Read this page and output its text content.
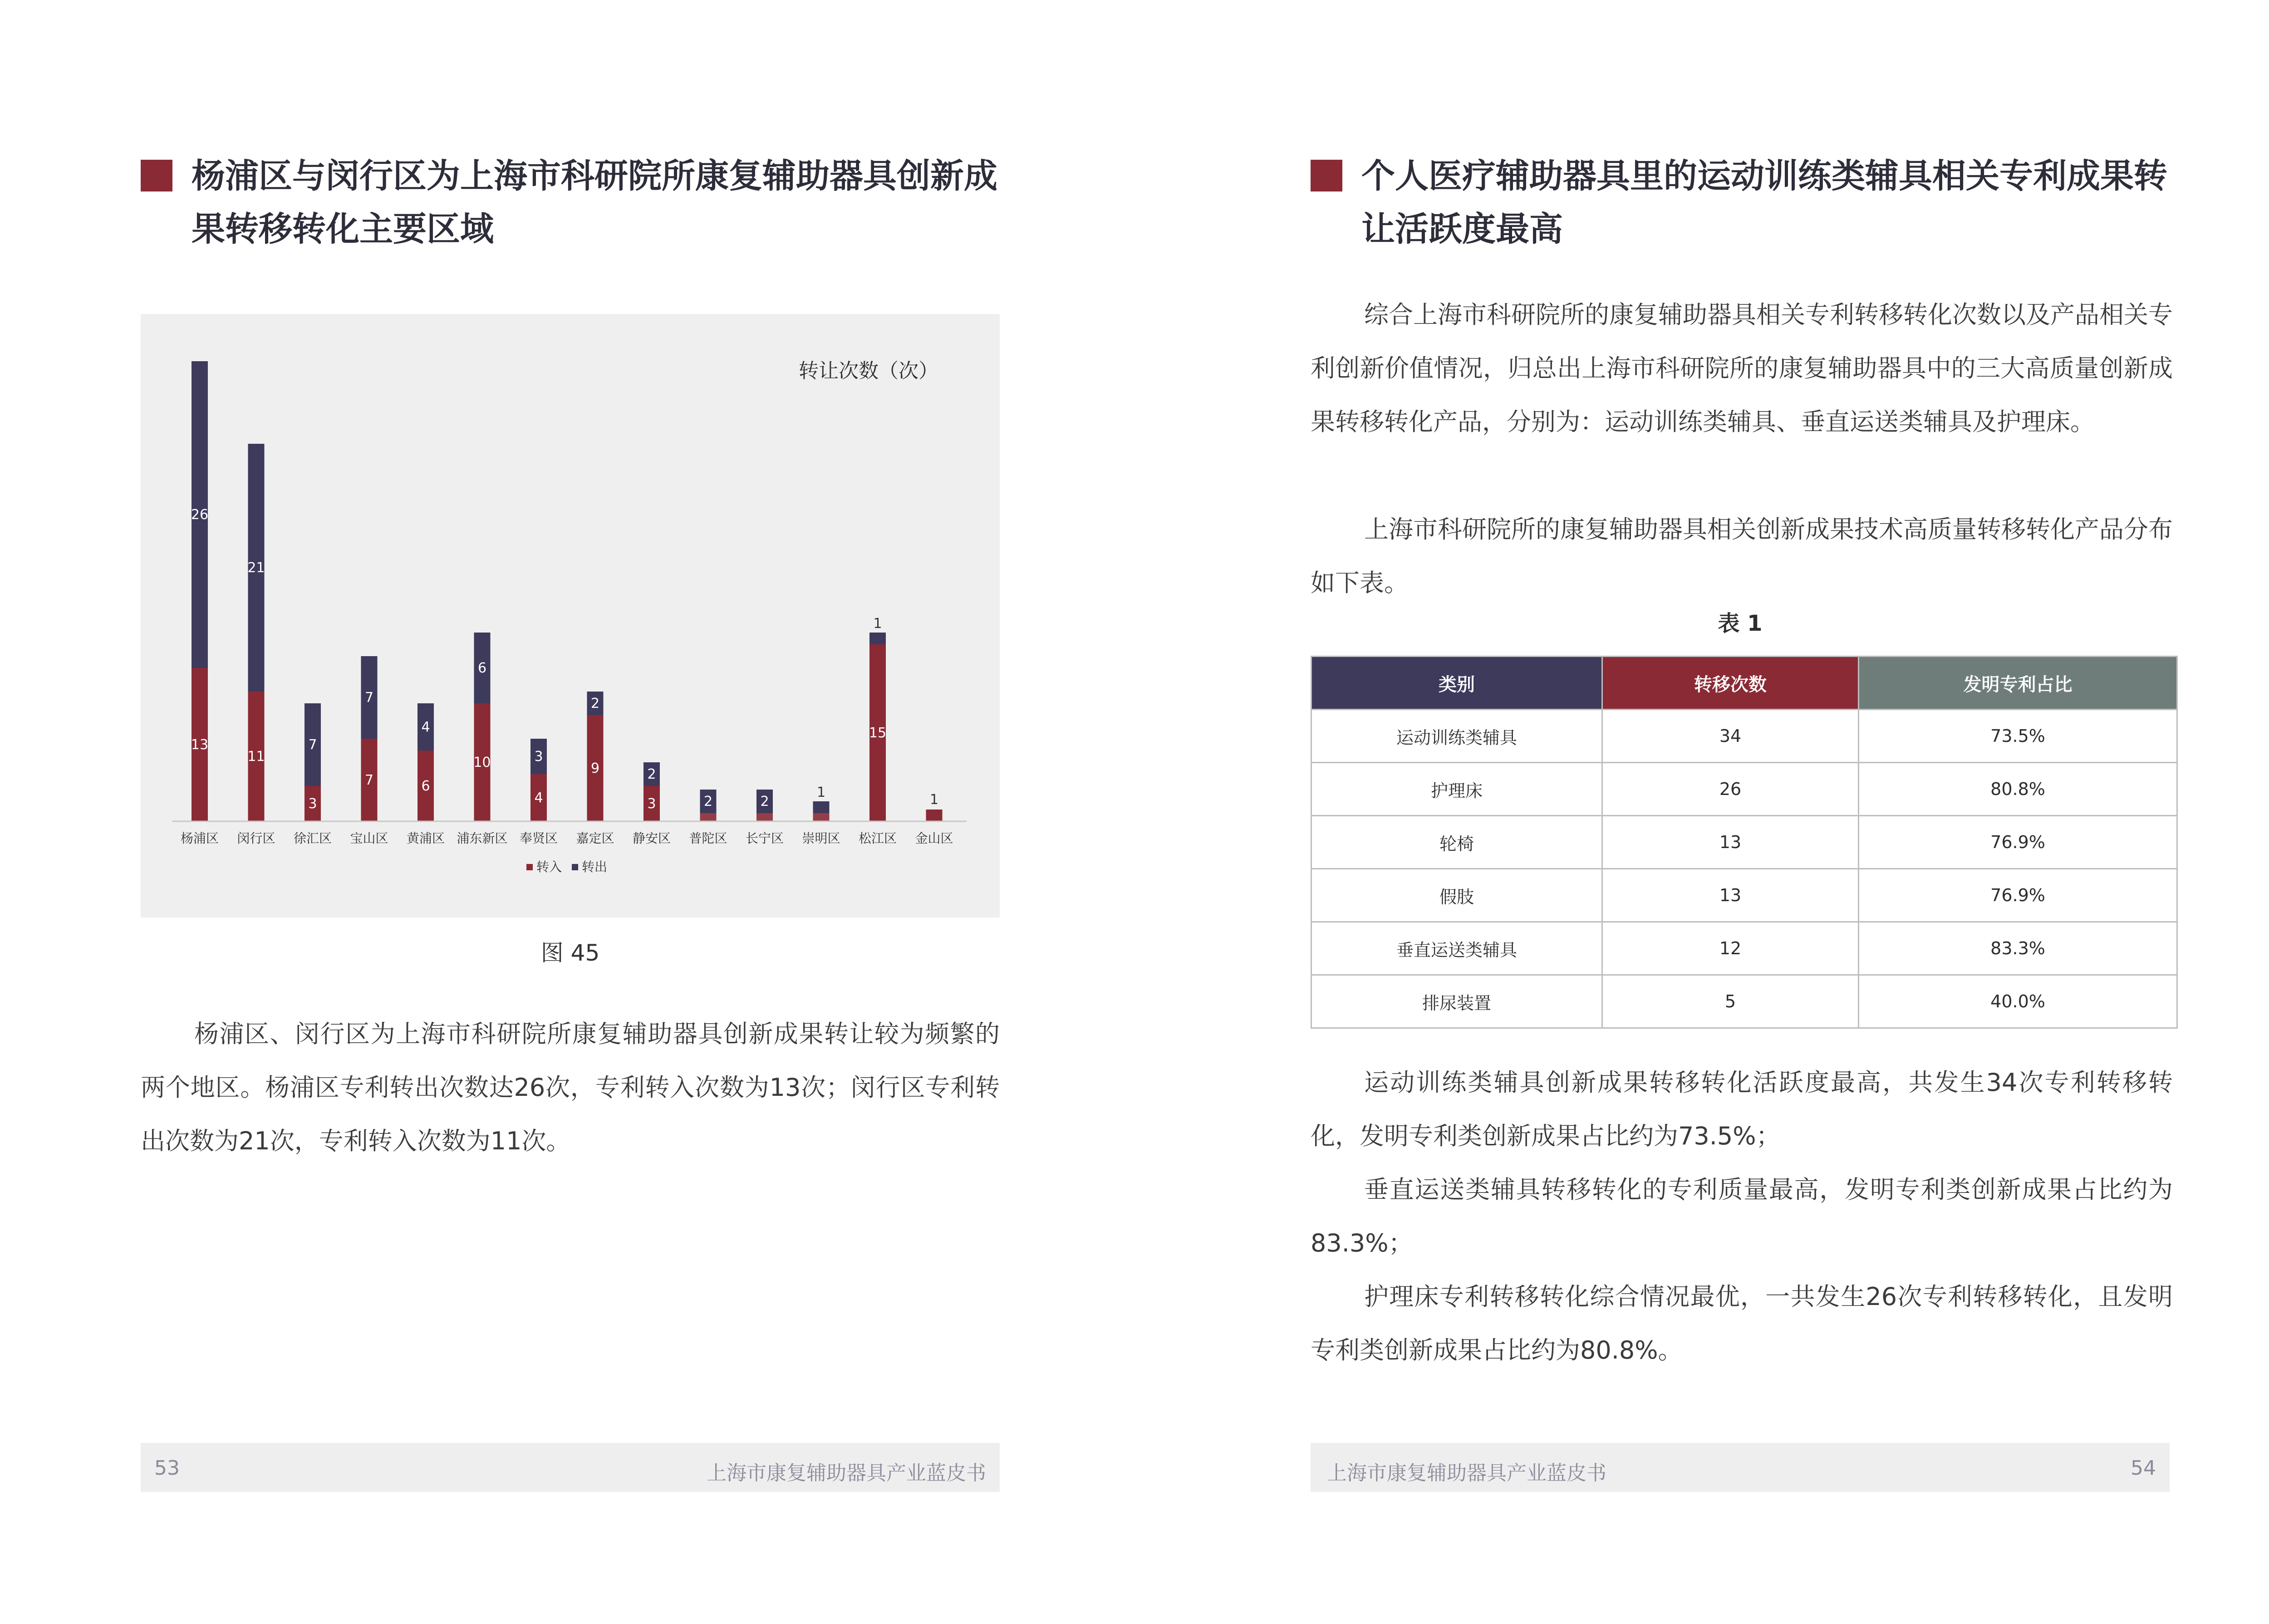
杨浦区与闵行区为上海市科研院所康复辅助器具创新成果转移转化主要区域
13
26
11
21
3
7
7
7
6
4
10
6
4
3
9
2
3
2
2	2
1
15
1
1
杨浦区 闵行区 徐汇区 宝山区 黄浦区 浦东新区 奉贤区 嘉定区 静安区 普陀区 长宁区 崇明区 松江区 金山区
转让次数（次）
转入 转出
图 45

杨浦区、闵行区为上海市科研院所康复辅助器具创新成果转让较为频繁的两个地区。杨浦区专利转出次数达26次，专利转入次数为13次；闵行区专利转出次数为21次，专利转入次数为11次。

53	上海市康复辅助器具产业蓝皮书
个人医疗辅助器具里的运动训练类辅具相关专利成果转让活跃度最高

综合上海市科研院所的康复辅助器具相关专利转移转化次数以及产品相关专利创新价值情况，归总出上海市科研院所的康复辅助器具中的三大高质量创新成果转移转化产品，分别为：运动训练类辅具、垂直运送类辅具及护理床。

上海市科研院所的康复辅助器具相关创新成果技术高质量转移转化产品分布如下表。

表 1
类别	转移次数	发明专利占比
运动训练类辅具	34	73.5%
护理床	26	80.8%
轮椅	13	76.9%
假肢	13	76.9%
垂直运送类辅具	12	83.3%
排尿装置	5	40.0%

运动训练类辅具创新成果转移转化活跃度最高，共发生34次专利转移转化，发明专利类创新成果占比约为73.5%；

垂直运送类辅具转移转化的专利质量最高，发明专利类创新成果占比约为83.3%；

护理床专利转移转化综合情况最优，一共发生26次专利转移转化，且发明专利类创新成果占比约为80.8%。

上海市康复辅助器具产业蓝皮书	54
